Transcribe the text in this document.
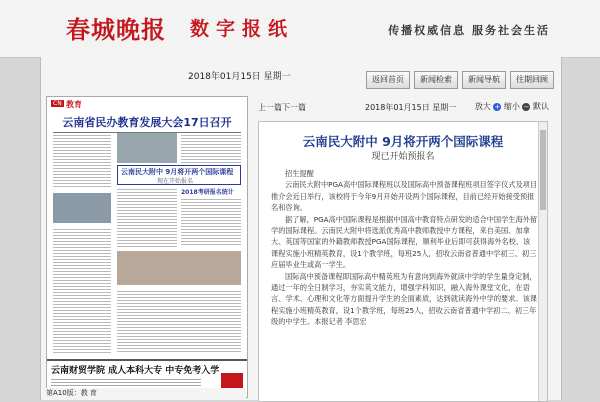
春城晚报 数字报纸	传播权威信息 服务社会生活
2018年01月15日 星期一	返回首页	新闻检索	新闻导航	往期回顾
CN 教育
云南省民办教育发展大会17日召开
云南民大附中 9月将开两个国际课程
现在开始报名
2018考研报名统计
云南财贸学院 成人本科大专 中专免考入学
第A10版：教 育
上一篇 下一篇	2018年01月15日 星期一 放大 + 缩小 − 默认
云南民大附中 9月将开两个国际课程
现已开始预报名

招生提醒

云南民大附中PGA高中国际课程班以及国际高中预备课程班项目签字仪式及项目推介会近日举行，该校将于今年9月开始开设两个国际课程，目前已经开始接受预报名和咨询。

据了解，PGA高中国际课程是根据中国高中教育特点研发的适合中国学生海外留学的国际课程。云南民大附中将选派优秀高中教师教授中方课程，来自美国、加拿大、英国等国家的外籍教师教授PGA国际课程，顺利毕业后即可获得海外名校、该课程实施小班精英教育，设1个教学班，每班25人，招收云南省普通中学初三、初三应届毕业生或高一学生。

国际高中预备课程即国际高中精英班为有意向到海外就读中学的学生量身定制，通过一年的全日制学习，夯实英文能力，增强学科知识，融入海外课堂文化，在语言、学术、心理和文化等方面提升学生的全面素质，达到就读海外中学的要求。该课程实施小班精英教育，设1个教学班，每班25人，招收云南省普通中学初二、初三年级的中学生。本报记者 李思宏
